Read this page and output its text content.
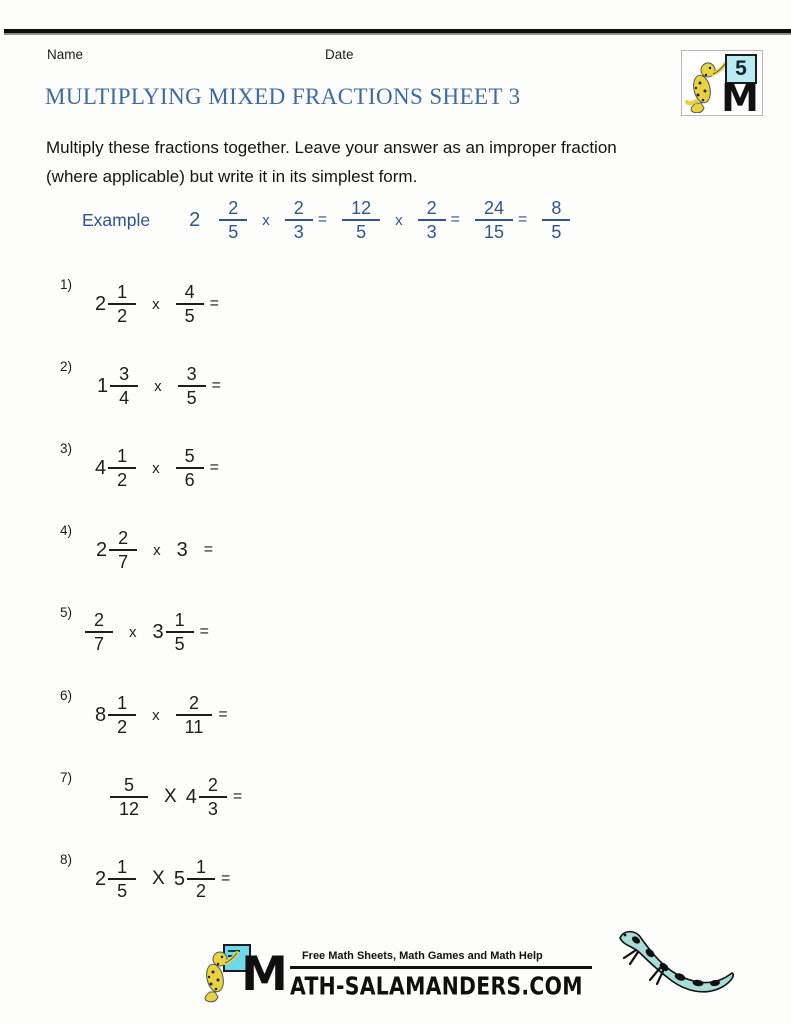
Name	Date
5
M
MULTIPLYING MIXED FRACTIONS SHEET 3

Multiply these fractions together. Leave your answer as an improper fraction
(where applicable) but write it in its simplest form.

Example $2 \frac{2}{5}$ x $\frac{2}{3} = \frac{12}{5}$ x $\frac{2}{3} = \frac{24}{15} = \frac{8}{5}$
1)
$2 \frac{1}{2}$ x $\frac{4}{5}$ =
2)
$1 \frac{3}{4}$ x $\frac{3}{5}$ =
3)
$4 \frac{1}{2}$ x $\frac{5}{6}$ =
4)
$2 \frac{2}{7}$ x 3 =
$5) \frac{2}{7}$ x $3 \frac{1}{5}$ =
6)
$8 \frac{1}{2}$ x $\frac{2}{11}$ =
$7) \frac{5}{12}$ X $4 \frac{2}{3}$ =
8)
$2 \frac{1}{5}$ X $5 \frac{1}{2}$ =
M	Free Math Sheets, Math Games and Math Help
ATH-SALAMANDERS.COM
